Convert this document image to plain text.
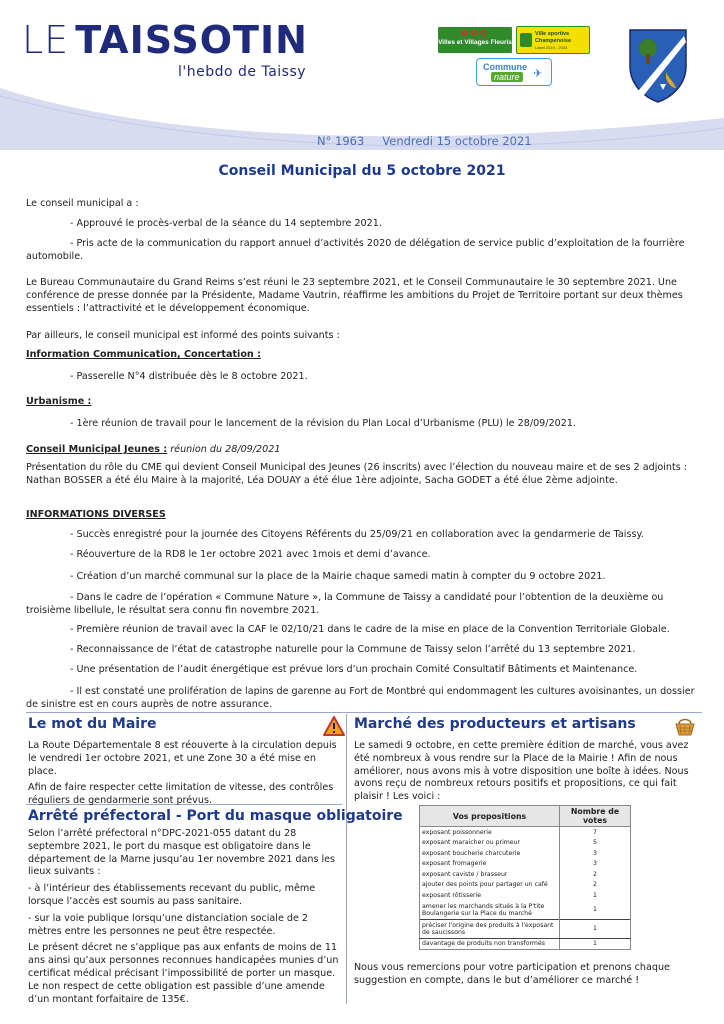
LE TAISSOTIN
l'hebdo de Taissy
✿✿✿
Villes et Villages Fleuris
Ville sportive
Champenoise
Label 2019 - 2024
Commune
nature ✈
N° 1963 Vendredi 15 octobre 2021
Conseil Municipal du 5 octobre 2021
Le conseil municipal a :
- Approuvé le procès-verbal de la séance du 14 septembre 2021.
- Pris acte de la communication du rapport annuel d’activités 2020 de délégation de service public d’exploitation de la fourrière automobile.
Le Bureau Communautaire du Grand Reims s’est réuni le 23 septembre 2021, et le Conseil Communautaire le 30 septembre 2021. Une conférence de presse donnée par la Présidente, Madame Vautrin, réaffirme les ambitions du Projet de Territoire portant sur deux thèmes essentiels : l’attractivité et le développement économique.
Par ailleurs, le conseil municipal est informé des points suivants :
Information Communication, Concertation :
- Passerelle N°4 distribuée dès le 8 octobre 2021.
Urbanisme :
- 1ère réunion de travail pour le lancement de la révision du Plan Local d’Urbanisme (PLU) le 28/09/2021.
Conseil Municipal Jeunes : réunion du 28/09/2021
Présentation du rôle du CME qui devient Conseil Municipal des Jeunes (26 inscrits) avec l’élection du nouveau maire et de ses 2 adjoints : Nathan BOSSER a été élu Maire à la majorité, Léa DOUAY a été élue 1ère adjointe, Sacha GODET a été élue 2ème adjointe.
INFORMATIONS DIVERSES
- Succès enregistré pour la journée des Citoyens Référents du 25/09/21 en collaboration avec la gendarmerie de Taissy.
- Réouverture de la RD8 le 1er octobre 2021 avec 1mois et demi d’avance.
- Création d’un marché communal sur la place de la Mairie chaque samedi matin à compter du 9 octobre 2021.
- Dans le cadre de l’opération « Commune Nature », la Commune de Taissy a candidaté pour l’obtention de la deuxième ou troisième libellule, le résultat sera connu fin novembre 2021.
- Première réunion de travail avec la CAF le 02/10/21 dans le cadre de la mise en place de la Convention Territoriale Globale.
- Reconnaissance de l’état de catastrophe naturelle pour la Commune de Taissy selon l’arrêté du 13 septembre 2021.
- Une présentation de l’audit énergétique est prévue lors d’un prochain Comité Consultatif Bâtiments et Maintenance.
- Il est constaté une prolifération de lapins de garenne au Fort de Montbré qui endommagent les cultures avoisinantes, un dossier de sinistre est en cours auprès de notre assurance.
Le mot du Maire

La Route Départementale 8 est réouverte à la circulation depuis le vendredi 1er octobre 2021, et une Zone 30 a été mise en place.

Afin de faire respecter cette limitation de vitesse, des contrôles réguliers de gendarmerie sont prévus.

Arrêté préfectoral - Port du masque obligatoire

Selon l’arrêté préfectoral n°DPC-2021-055 datant du 28 septembre 2021, le port du masque est obligatoire dans le département de la Marne jusqu’au 1er novembre 2021 dans les lieux suivants :

- à l’intérieur des établissements recevant du public, même lorsque l’accès est soumis au pass sanitaire.

- sur la voie publique lorsqu’une distanciation sociale de 2 mètres entre les personnes ne peut être respectée.

Le présent décret ne s’applique pas aux enfants de moins de 11 ans ainsi qu’aux personnes reconnues handicapées munies d’un certificat médical précisant l’impossibilité de porter un masque. Le non respect de cette obligation est passible d’une amende d’un montant forfaitaire de 135€.

Marché des producteurs et artisans
Le samedi 9 octobre, en cette première édition de marché, vous avez été nombreux à vous rendre sur la Place de la Mairie ! Afin de nous améliorer, nous avons mis à votre disposition une boîte à idées. Nous avons reçu de nombreux retours positifs et propositions, ce qui fait plaisir ! Les voici :
Vos propositions	Nombre de votes
exposant poissonnerie	7
exposant maraicher ou primeur	5
exposant boucherie charcuterie	3
exposant fromagerie	3
exposant caviste / brasseur	2
ajouter des points pour partager un café	2
exposant rôtisserie	1
amener les marchands situés à la P'tite Boulangerie sur la Place du marché	1
préciser l'origine des produits à l'exposant de saucissons	1
davantage de produits non transformés	1
Nous vous remercions pour votre participation et prenons chaque suggestion en compte, dans le but d’améliorer ce marché !
